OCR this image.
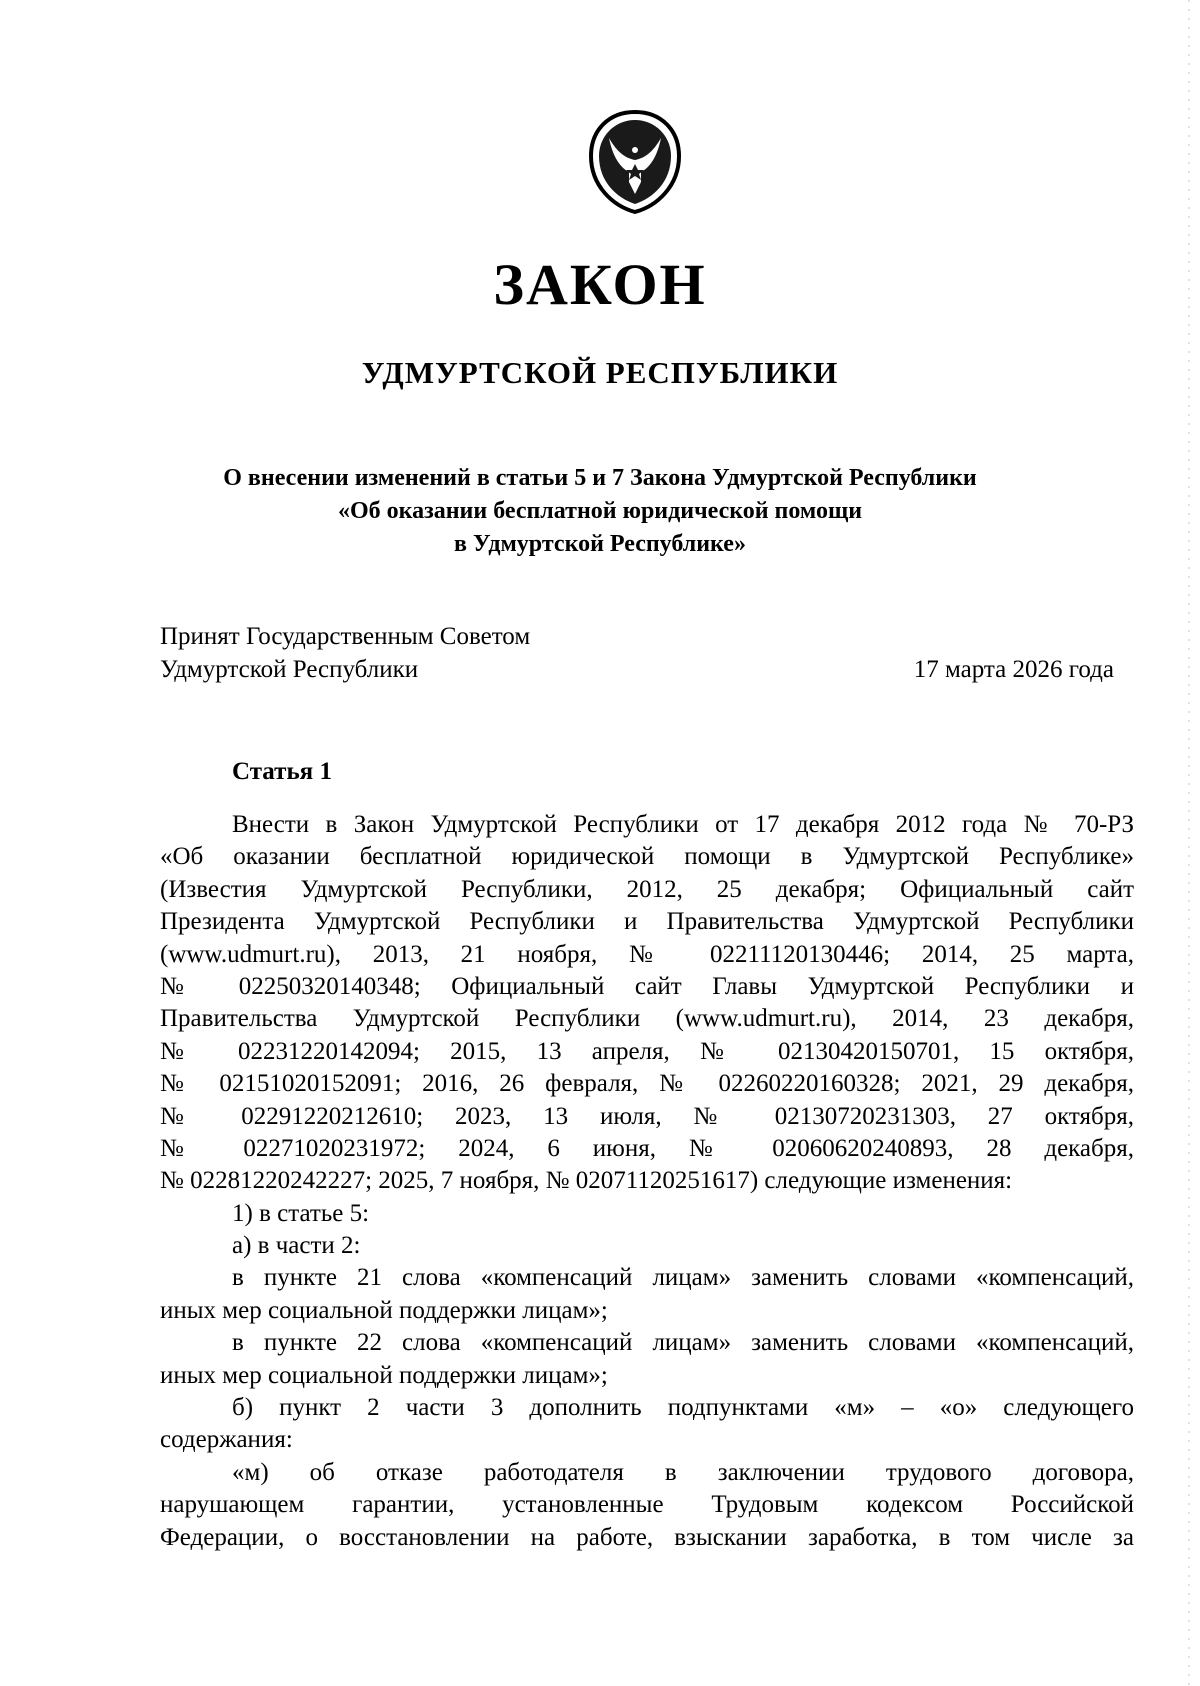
ЗАКОН
УДМУРТСКОЙ РЕСПУБЛИКИ
О внесении изменений в статьи 5 и 7 Закона Удмуртской Республики
«Об оказании бесплатной юридической помощи
в Удмуртской Республике»
Принят Государственным Советом
Удмуртской Республики	17 марта 2026 года
Статья 1
Внести в Закон Удмуртской Республики от 17 декабря 2012 года № 70-РЗ
«Об оказании бесплатной юридической помощи в Удмуртской Республике»
(Известия Удмуртской Республики, 2012, 25 декабря; Официальный сайт
Президента Удмуртской Республики и Правительства Удмуртской Республики
(www.udmurt.ru), 2013, 21 ноября, № 02211120130446; 2014, 25 марта,
№ 02250320140348; Официальный сайт Главы Удмуртской Республики и
Правительства Удмуртской Республики (www.udmurt.ru), 2014, 23 декабря,
№ 02231220142094; 2015, 13 апреля, № 02130420150701, 15 октября,
№ 02151020152091; 2016, 26 февраля, № 02260220160328; 2021, 29 декабря,
№ 02291220212610; 2023, 13 июля, № 02130720231303, 27 октября,
№ 02271020231972; 2024, 6 июня, № 02060620240893, 28 декабря,
№ 02281220242227; 2025, 7 ноября, № 02071120251617) следующие изменения:
1) в статье 5:
а) в части 2:
в пункте 21 слова «компенсаций лицам» заменить словами «компенсаций,
иных мер социальной поддержки лицам»;
в пункте 22 слова «компенсаций лицам» заменить словами «компенсаций,
иных мер социальной поддержки лицам»;
б) пункт 2 части 3 дополнить подпунктами «м» – «о» следующего
содержания:
«м) об отказе работодателя в заключении трудового договора,
нарушающем гарантии, установленные Трудовым кодексом Российской
Федерации, о восстановлении на работе, взыскании заработка, в том числе за
